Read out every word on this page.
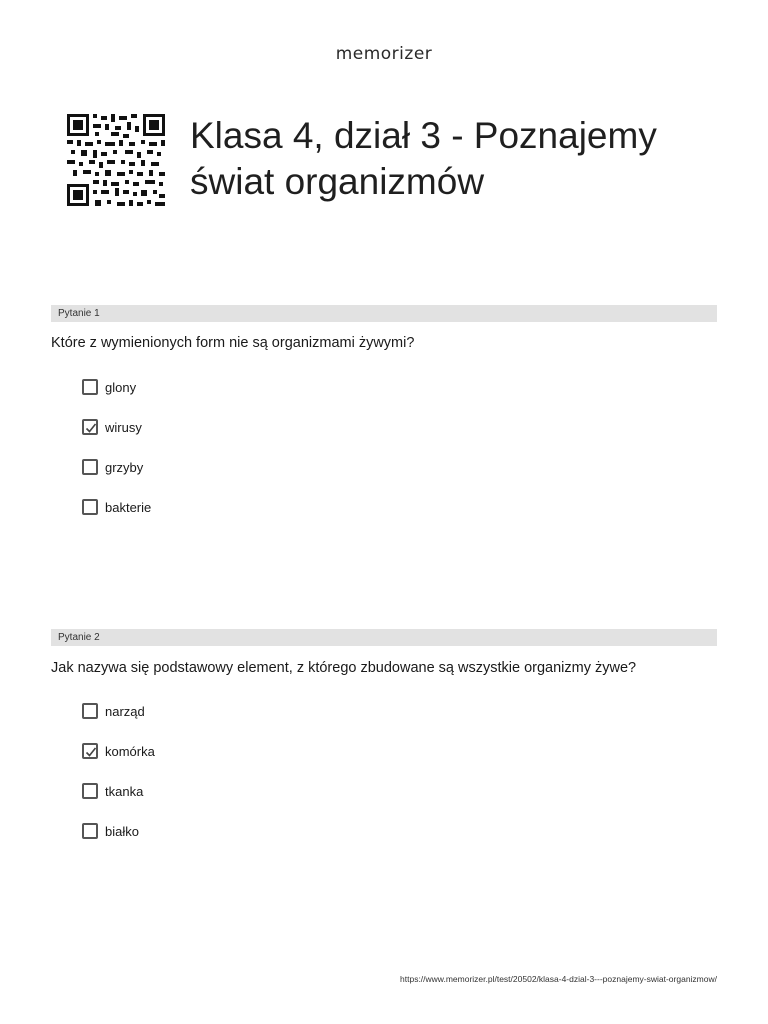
memorizer
Klasa 4, dział 3 - Poznajemy świat organizmów
Pytanie 1
Które z wymienionych form nie są organizmami żywymi?
glony
wirusy
grzyby
bakterie
Pytanie 2
Jak nazywa się podstawowy element, z którego zbudowane są wszystkie organizmy żywe?
narząd
komórka
tkanka
białko
https://www.memorizer.pl/test/20502/klasa-4-dzial-3---poznajemy-swiat-organizmow/
